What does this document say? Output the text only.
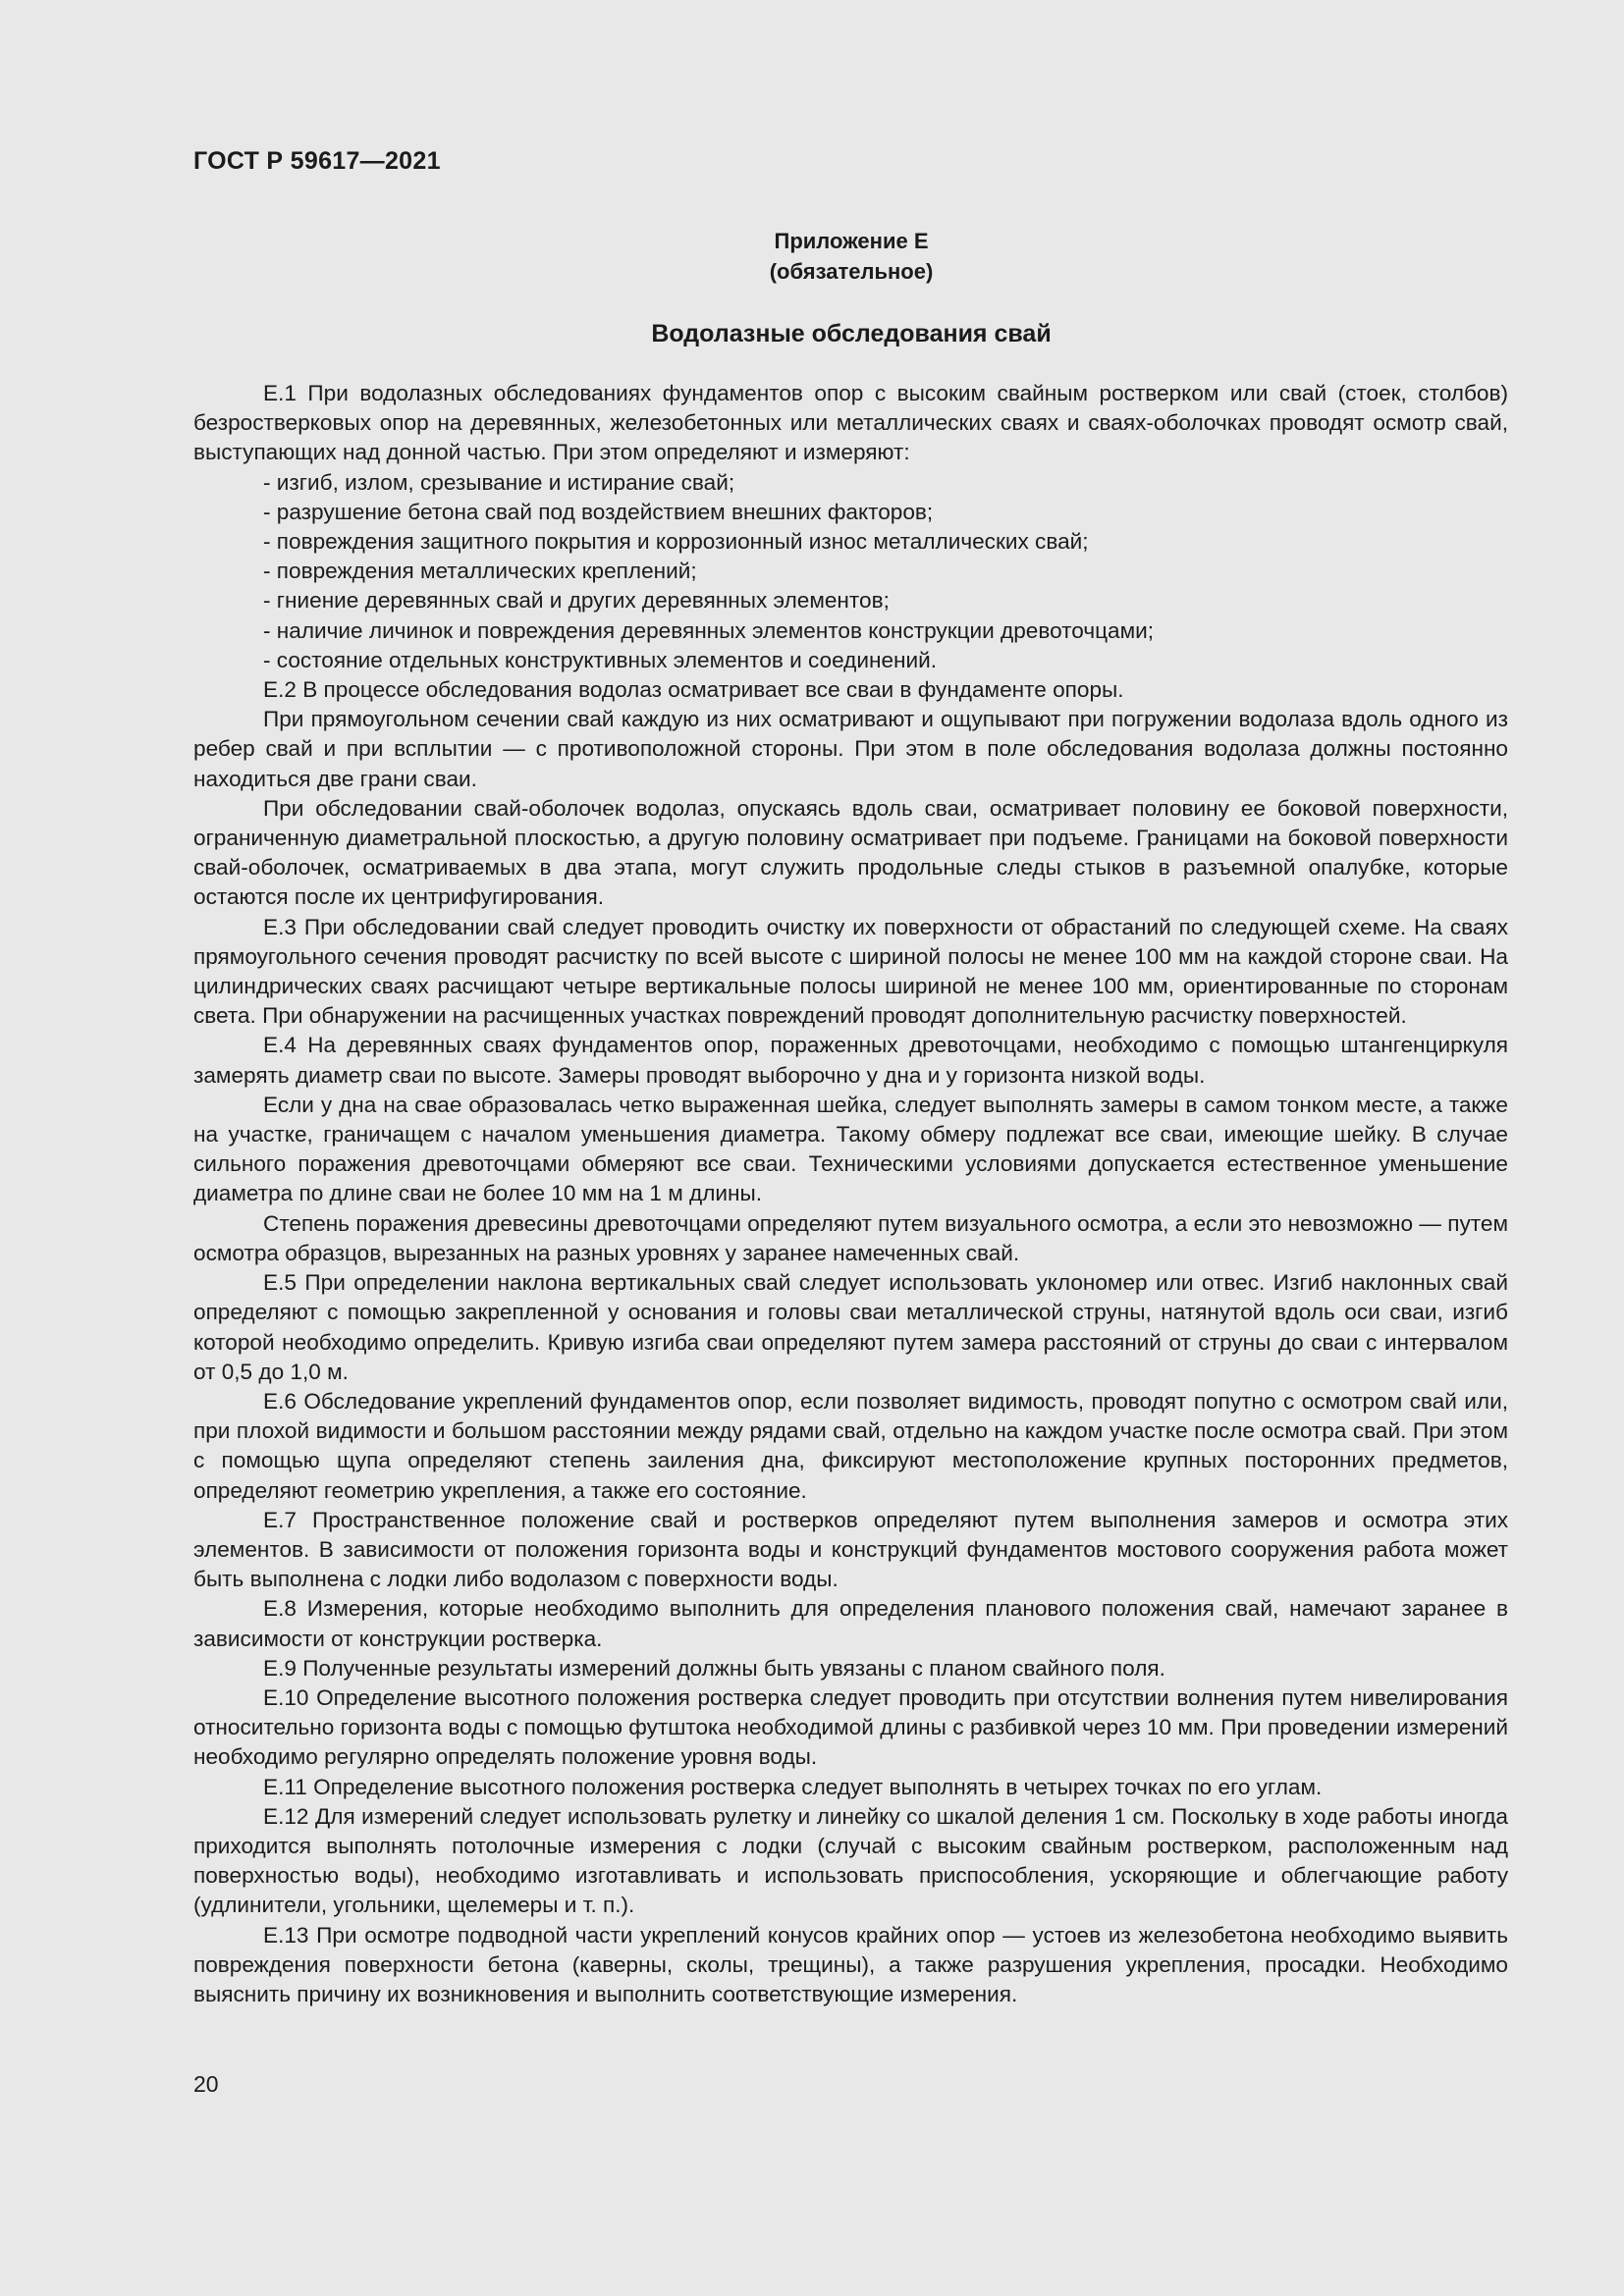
ГОСТ Р 59617—2021
Приложение Е
(обязательное)
Водолазные обследования свай

Е.1 При водолазных обследованиях фундаментов опор с высоким свайным ростверком или свай (стоек, столбов) безростверковых опор на деревянных, железобетонных или металлических сваях и сваях-оболочках проводят осмотр свай, выступающих над донной частью. При этом определяют и измеряют:

- изгиб, излом, срезывание и истирание свай;

- разрушение бетона свай под воздействием внешних факторов;

- повреждения защитного покрытия и коррозионный износ металлических свай;

- повреждения металлических креплений;

- гниение деревянных свай и других деревянных элементов;

- наличие личинок и повреждения деревянных элементов конструкции древоточцами;

- состояние отдельных конструктивных элементов и соединений.

Е.2 В процессе обследования водолаз осматривает все сваи в фундаменте опоры.

При прямоугольном сечении свай каждую из них осматривают и ощупывают при погружении водолаза вдоль одного из ребер свай и при всплытии — с противоположной стороны. При этом в поле обследования водолаза должны постоянно находиться две грани сваи.

При обследовании свай-оболочек водолаз, опускаясь вдоль сваи, осматривает половину ее боковой поверхности, ограниченную диаметральной плоскостью, а другую половину осматривает при подъеме. Границами на боковой поверхности свай-оболочек, осматриваемых в два этапа, могут служить продольные следы стыков в разъемной опалубке, которые остаются после их центрифугирования.

Е.3 При обследовании свай следует проводить очистку их поверхности от обрастаний по следующей схеме. На сваях прямоугольного сечения проводят расчистку по всей высоте с шириной полосы не менее 100 мм на каждой стороне сваи. На цилиндрических сваях расчищают четыре вертикальные полосы шириной не менее 100 мм, ориентированные по сторонам света. При обнаружении на расчищенных участках повреждений проводят дополнительную расчистку поверхностей.

Е.4 На деревянных сваях фундаментов опор, пораженных древоточцами, необходимо с помощью штангенциркуля замерять диаметр сваи по высоте. Замеры проводят выборочно у дна и у горизонта низкой воды.

Если у дна на свае образовалась четко выраженная шейка, следует выполнять замеры в самом тонком месте, а также на участке, граничащем с началом уменьшения диаметра. Такому обмеру подлежат все сваи, имеющие шейку. В случае сильного поражения древоточцами обмеряют все сваи. Техническими условиями допускается естественное уменьшение диаметра по длине сваи не более 10 мм на 1 м длины.

Степень поражения древесины древоточцами определяют путем визуального осмотра, а если это невозможно — путем осмотра образцов, вырезанных на разных уровнях у заранее намеченных свай.

Е.5 При определении наклона вертикальных свай следует использовать уклономер или отвес. Изгиб наклонных свай определяют с помощью закрепленной у основания и головы сваи металлической струны, натянутой вдоль оси сваи, изгиб которой необходимо определить. Кривую изгиба сваи определяют путем замера расстояний от струны до сваи с интервалом от 0,5 до 1,0 м.

Е.6 Обследование укреплений фундаментов опор, если позволяет видимость, проводят попутно с осмотром свай или, при плохой видимости и большом расстоянии между рядами свай, отдельно на каждом участке после осмотра свай. При этом с помощью щупа определяют степень заиления дна, фиксируют местоположение крупных посторонних предметов, определяют геометрию укрепления, а также его состояние.

Е.7 Пространственное положение свай и ростверков определяют путем выполнения замеров и осмотра этих элементов. В зависимости от положения горизонта воды и конструкций фундаментов мостового сооружения работа может быть выполнена с лодки либо водолазом с поверхности воды.

Е.8 Измерения, которые необходимо выполнить для определения планового положения свай, намечают заранее в зависимости от конструкции ростверка.

Е.9 Полученные результаты измерений должны быть увязаны с планом свайного поля.

Е.10 Определение высотного положения ростверка следует проводить при отсутствии волнения путем нивелирования относительно горизонта воды с помощью футштока необходимой длины с разбивкой через 10 мм. При проведении измерений необходимо регулярно определять положение уровня воды.

Е.11 Определение высотного положения ростверка следует выполнять в четырех точках по его углам.

Е.12 Для измерений следует использовать рулетку и линейку со шкалой деления 1 см. Поскольку в ходе работы иногда приходится выполнять потолочные измерения с лодки (случай с высоким свайным ростверком, расположенным над поверхностью воды), необходимо изготавливать и использовать приспособления, ускоряющие и облегчающие работу (удлинители, угольники, щелемеры и т. п.).

Е.13 При осмотре подводной части укреплений конусов крайних опор — устоев из железобетона необходимо выявить повреждения поверхности бетона (каверны, сколы, трещины), а также разрушения укрепления, просадки. Необходимо выяснить причину их возникновения и выполнить соответствующие измерения.

20
